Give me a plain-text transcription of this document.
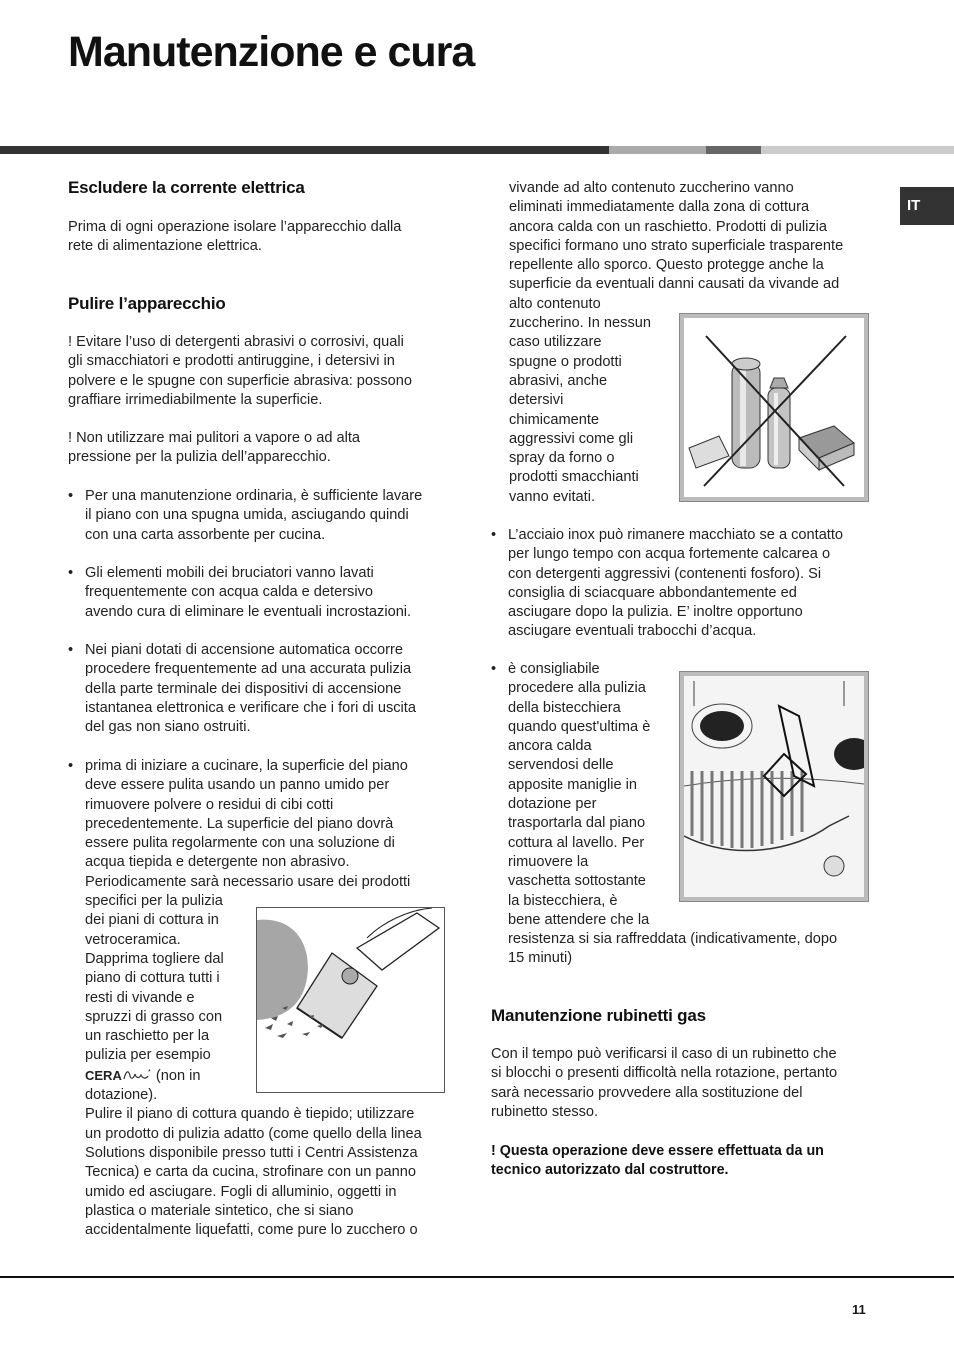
Manutenzione e cura
IT
Escludere la corrente elettrica
Prima di ogni operazione isolare l’apparecchio dalla
rete di alimentazione elettrica.
Pulire l’apparecchio
! Evitare l’uso di detergenti abrasivi o corrosivi, quali
gli smacchiatori e prodotti antiruggine, i detersivi in
polvere e le spugne con superficie abrasiva: possono
graffiare irrimediabilmente la superficie.
! Non utilizzare mai pulitori a vapore o ad alta
pressione per la pulizia dell’apparecchio.
• Per una manutenzione ordinaria, è sufficiente lavare
il piano con una spugna umida, asciugando quindi
con una carta assorbente per cucina.
• Gli elementi mobili dei bruciatori vanno lavati
frequentemente con acqua calda e detersivo
avendo cura di eliminare le eventuali incrostazioni.
• Nei piani dotati di accensione automatica occorre
procedere frequentemente ad una accurata pulizia
della parte terminale dei dispositivi di accensione
istantanea elettronica e verificare che i fori di uscita
del gas non siano ostruiti.
• prima di iniziare a cucinare, la superficie del piano
deve essere pulita usando un panno umido per
rimuovere polvere o residui di cibi cotti
precedentemente. La superficie del piano dovrà
essere pulita regolarmente con una soluzione di
acqua tiepida e detergente non abrasivo.
Periodicamente sarà necessario usare dei prodotti
specifici per la pulizia
dei piani di cottura in
vetroceramica.
Dapprima togliere dal
piano di cottura tutti i
resti di vivande e
spruzzi di grasso con
un raschietto per la
pulizia per esempio
CERA	* (non in
dotazione).
Pulire il piano di cottura quando è tiepido; utilizzare
un prodotto di pulizia adatto (come quello della linea
Solutions disponibile presso tutti i Centri Assistenza
Tecnica) e carta da cucina, strofinare con un panno
umido ed asciugare. Fogli di alluminio, oggetti in
plastica o materiale sintetico, che si siano
accidentalmente liquefatti, come pure lo zucchero o
vivande ad alto contenuto zuccherino vanno
eliminati immediatamente dalla zona di cottura
ancora calda con un raschietto. Prodotti di pulizia
specifici formano uno strato superficiale trasparente
repellente allo sporco. Questo protegge anche la
superficie da eventuali danni causati da vivande ad
alto contenuto
zuccherino. In nessun
caso utilizzare
spugne o prodotti
abrasivi, anche
detersivi
chimicamente
aggressivi come gli
spray da forno o
prodotti smacchianti
vanno evitati.
• L’acciaio inox può rimanere macchiato se a contatto
per lungo tempo con acqua fortemente calcarea o
con detergenti aggressivi (contenenti fosforo). Si
consiglia di sciacquare abbondantemente ed
asciugare dopo la pulizia. E’ inoltre opportuno
asciugare eventuali trabocchi d’acqua.
• è consigliabile
procedere alla pulizia
della bistecchiera
quando quest'ultima è
ancora calda
servendosi delle
apposite maniglie in
dotazione per
trasportarla dal piano
cottura al lavello. Per
rimuovere la
vaschetta sottostante
la bistecchiera, è
bene attendere che la
resistenza si sia raffreddata (indicativamente, dopo
15 minuti)
Manutenzione rubinetti gas
Con il tempo può verificarsi il caso di un rubinetto che
si blocchi o presenti difficoltà nella rotazione, pertanto
sarà necessario provvedere alla sostituzione del
rubinetto stesso.
! Questa operazione deve essere effettuata da un
tecnico autorizzato dal costruttore.
11
